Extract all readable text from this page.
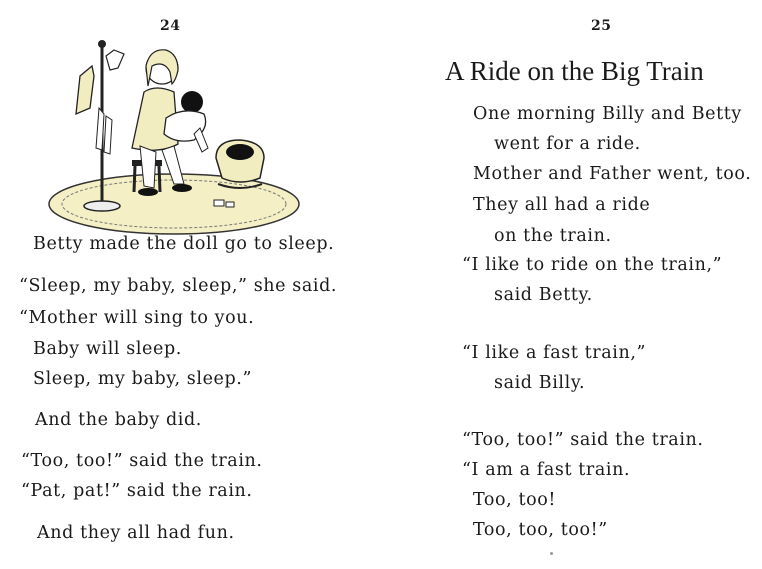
24
Betty made the doll go to sleep.
“Sleep, my baby, sleep,” she said.
“Mother will sing to you.
Baby will sleep.
Sleep, my baby, sleep.”
And the baby did.
“Too, too!” said the train.
“Pat, pat!” said the rain.
And they all had fun.
25
A Ride on the Big Train
One morning Billy and Betty
went for a ride.
Mother and Father went, too.
They all had a ride
on the train.
“I like to ride on the train,”
said Betty.
“I like a fast train,”
said Billy.
“Too, too!” said the train.
“I am a fast train.
Too, too!
Too, too, too!”
